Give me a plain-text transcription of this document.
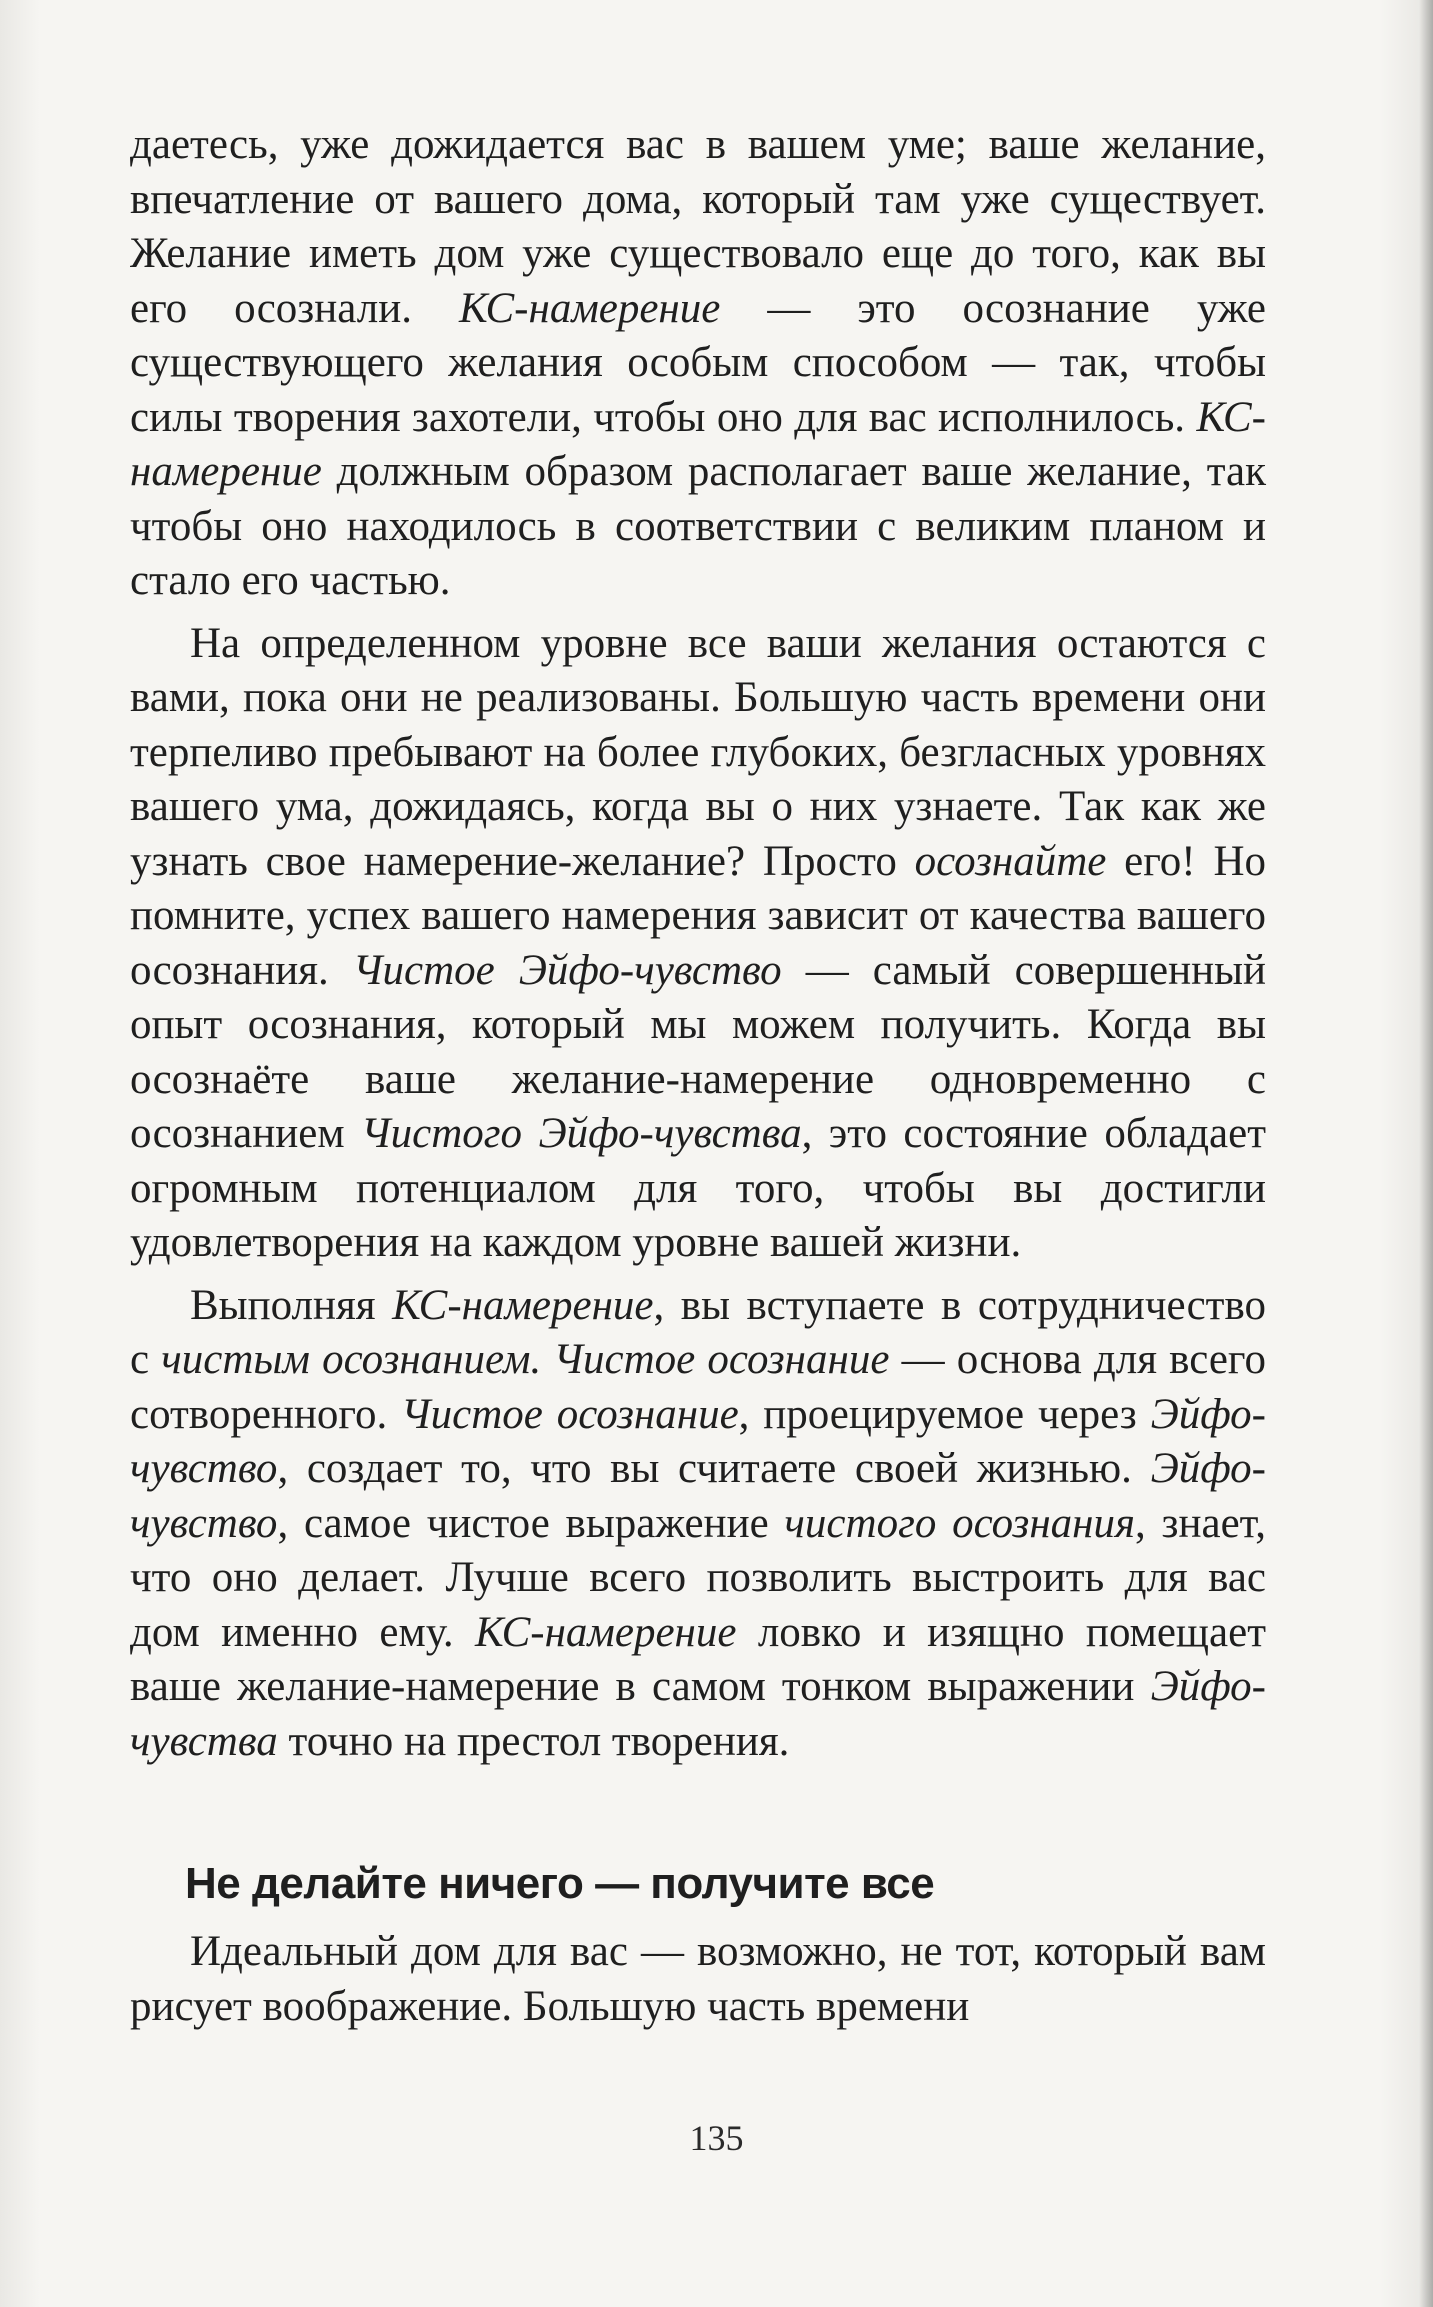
даетесь, уже дожидается вас в вашем уме; ваше желание, впечатление от вашего дома, который там уже существует. Желание иметь дом уже существовало еще до того, как вы его осознали. КС-намерение — это осознание уже существующего желания особым способом — так, чтобы силы творения захотели, чтобы оно для вас исполнилось. КС-намерение должным образом располагает ваше желание, так чтобы оно находилось в соответствии с великим планом и стало его частью.

На определенном уровне все ваши желания остаются с вами, пока они не реализованы. Большую часть времени они терпеливо пребывают на более глубоких, безгласных уровнях вашего ума, дожидаясь, когда вы о них узнаете. Так как же узнать свое намерение-желание? Просто осознайте его! Но помните, успех вашего намерения зависит от качества вашего осознания. Чистое Эйфо-чувство — самый совершенный опыт осознания, который мы можем получить. Когда вы осознаёте ваше желание-намерение одновременно с осознанием Чистого Эйфо-чувства, это состояние обладает огромным потенциалом для того, чтобы вы достигли удовлетворения на каждом уровне вашей жизни.

Выполняя КС-намерение, вы вступаете в сотрудничество с чистым осознанием. Чистое осознание — основа для всего сотворенного. Чистое осознание, проецируемое через Эйфо-чувство, создает то, что вы считаете своей жизнью. Эйфо-чувство, самое чистое выражение чистого осознания, знает, что оно делает. Лучше всего позволить выстроить для вас дом именно ему. КС-намерение ловко и изящно помещает ваше желание-намерение в самом тонком выражении Эйфо-чувства точно на престол творения.

Не делайте ничего — получите все

Идеальный дом для вас — возможно, не тот, который вам рисует воображение. Большую часть времени

135
